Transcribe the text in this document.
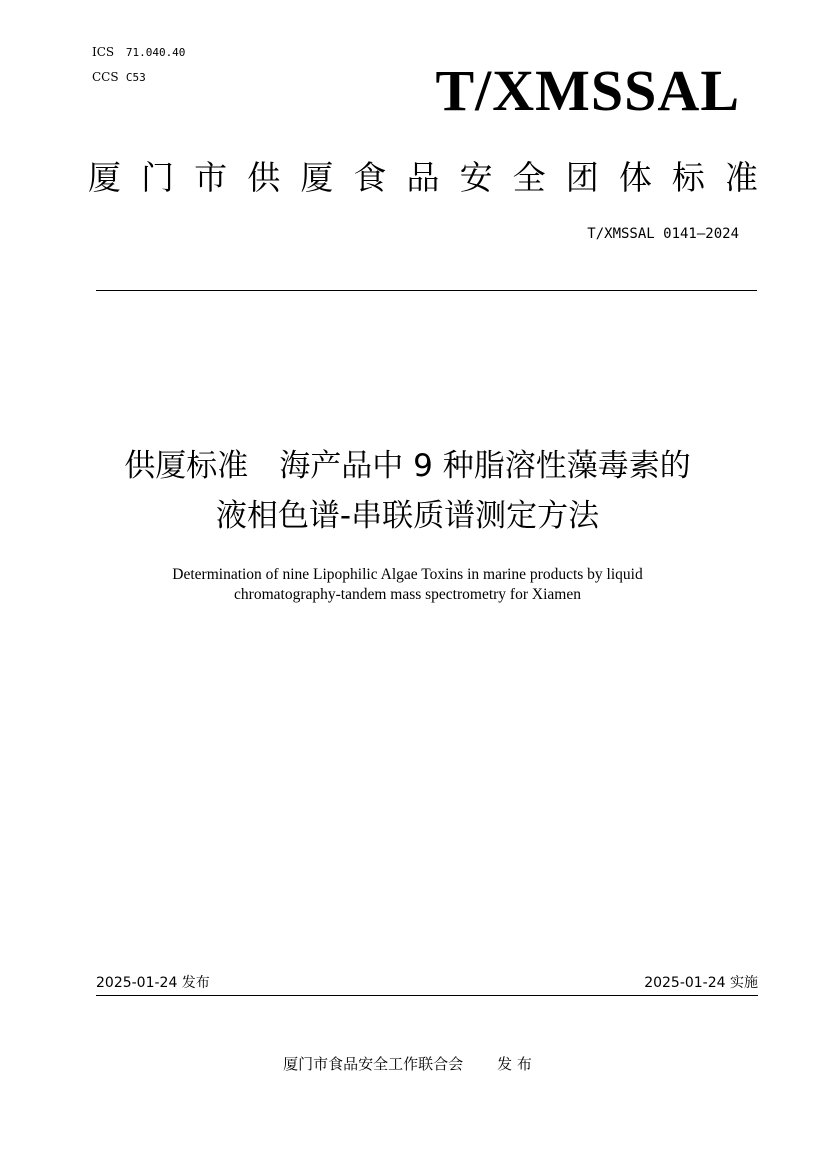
ICS 71.040.40
CCS C53	T/XMSSAL
厦 门 市 供 厦 食 品 安 全 团 体 标 准
T/XMSSAL 0141—2024
供厦标准　海产品中 9 种脂溶性藻毒素的
液相色谱-串联质谱测定方法
Determination of nine Lipophilic Algae Toxins in marine products by liquid
chromatography-tandem mass spectrometry for Xiamen
2025-01-24 发布	2025-01-24 实施
厦门市食品安全工作联合会 发 布
